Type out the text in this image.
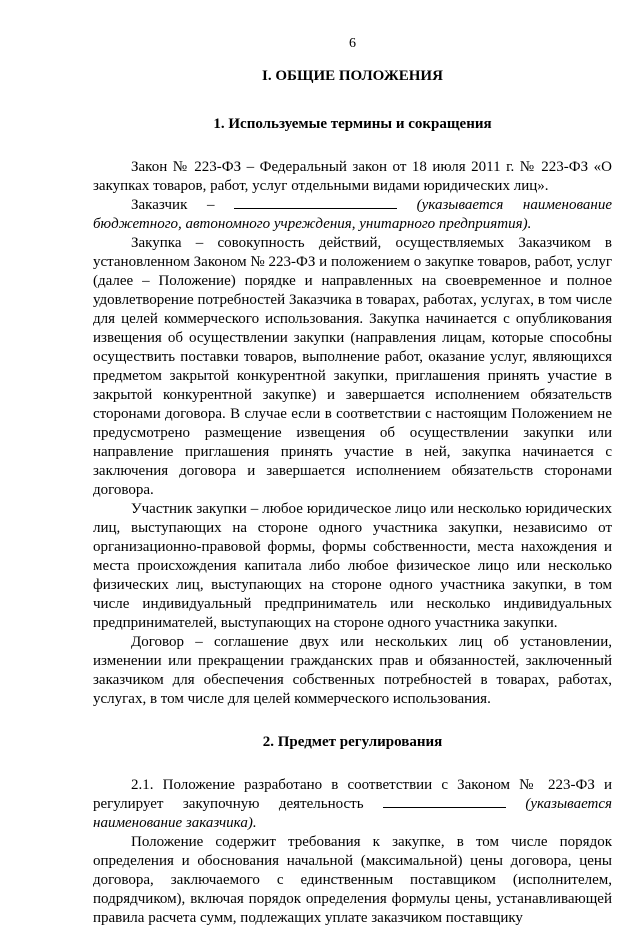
6
I. ОБЩИЕ ПОЛОЖЕНИЯ
1. Используемые термины и сокращения

Закон № 223-ФЗ – Федеральный закон от 18 июля 2011 г. № 223-ФЗ «О закупках товаров, работ, услуг отдельными видами юридических лиц».

Заказчик –	(указывается наименование бюджетного, автономного учреждения, унитарного предприятия).

Закупка – совокупность действий, осуществляемых Заказчиком в установленном Законом № 223-ФЗ и положением о закупке товаров, работ, услуг (далее – Положение) порядке и направленных на своевременное и полное удовлетворение потребностей Заказчика в товарах, работах, услугах, в том числе для целей коммерческого использования. Закупка начинается с опубликования извещения об осуществлении закупки (направления лицам, которые способны осуществить поставки товаров, выполнение работ, оказание услуг, являющихся предметом закрытой конкурентной закупки, приглашения принять участие в закрытой конкурентной закупке) и завершается исполнением обязательств сторонами договора. В случае если в соответствии с настоящим Положением не предусмотрено размещение извещения об осуществлении закупки или направление приглашения принять участие в ней, закупка начинается с заключения договора и завершается исполнением обязательств сторонами договора.

Участник закупки – любое юридическое лицо или несколько юридических лиц, выступающих на стороне одного участника закупки, независимо от организационно-правовой формы, формы собственности, места нахождения и места происхождения капитала либо любое физическое лицо или несколько физических лиц, выступающих на стороне одного участника закупки, в том числе индивидуальный предприниматель или несколько индивидуальных предпринимателей, выступающих на стороне одного участника закупки.

Договор – соглашение двух или нескольких лиц об установлении, изменении или прекращении гражданских прав и обязанностей, заключенный заказчиком для обеспечения собственных потребностей в товарах, работах, услугах, в том числе для целей коммерческого использования.

2. Предмет регулирования

2.1. Положение разработано в соответствии с Законом № 223-ФЗ и регулирует закупочную деятельность	(указывается наименование заказчика).

Положение содержит требования к закупке, в том числе порядок определения и обоснования начальной (максимальной) цены договора, цены договора, заключаемого с единственным поставщиком (исполнителем, подрядчиком), включая порядок определения формулы цены, устанавливающей правила расчета сумм, подлежащих уплате заказчиком поставщику
